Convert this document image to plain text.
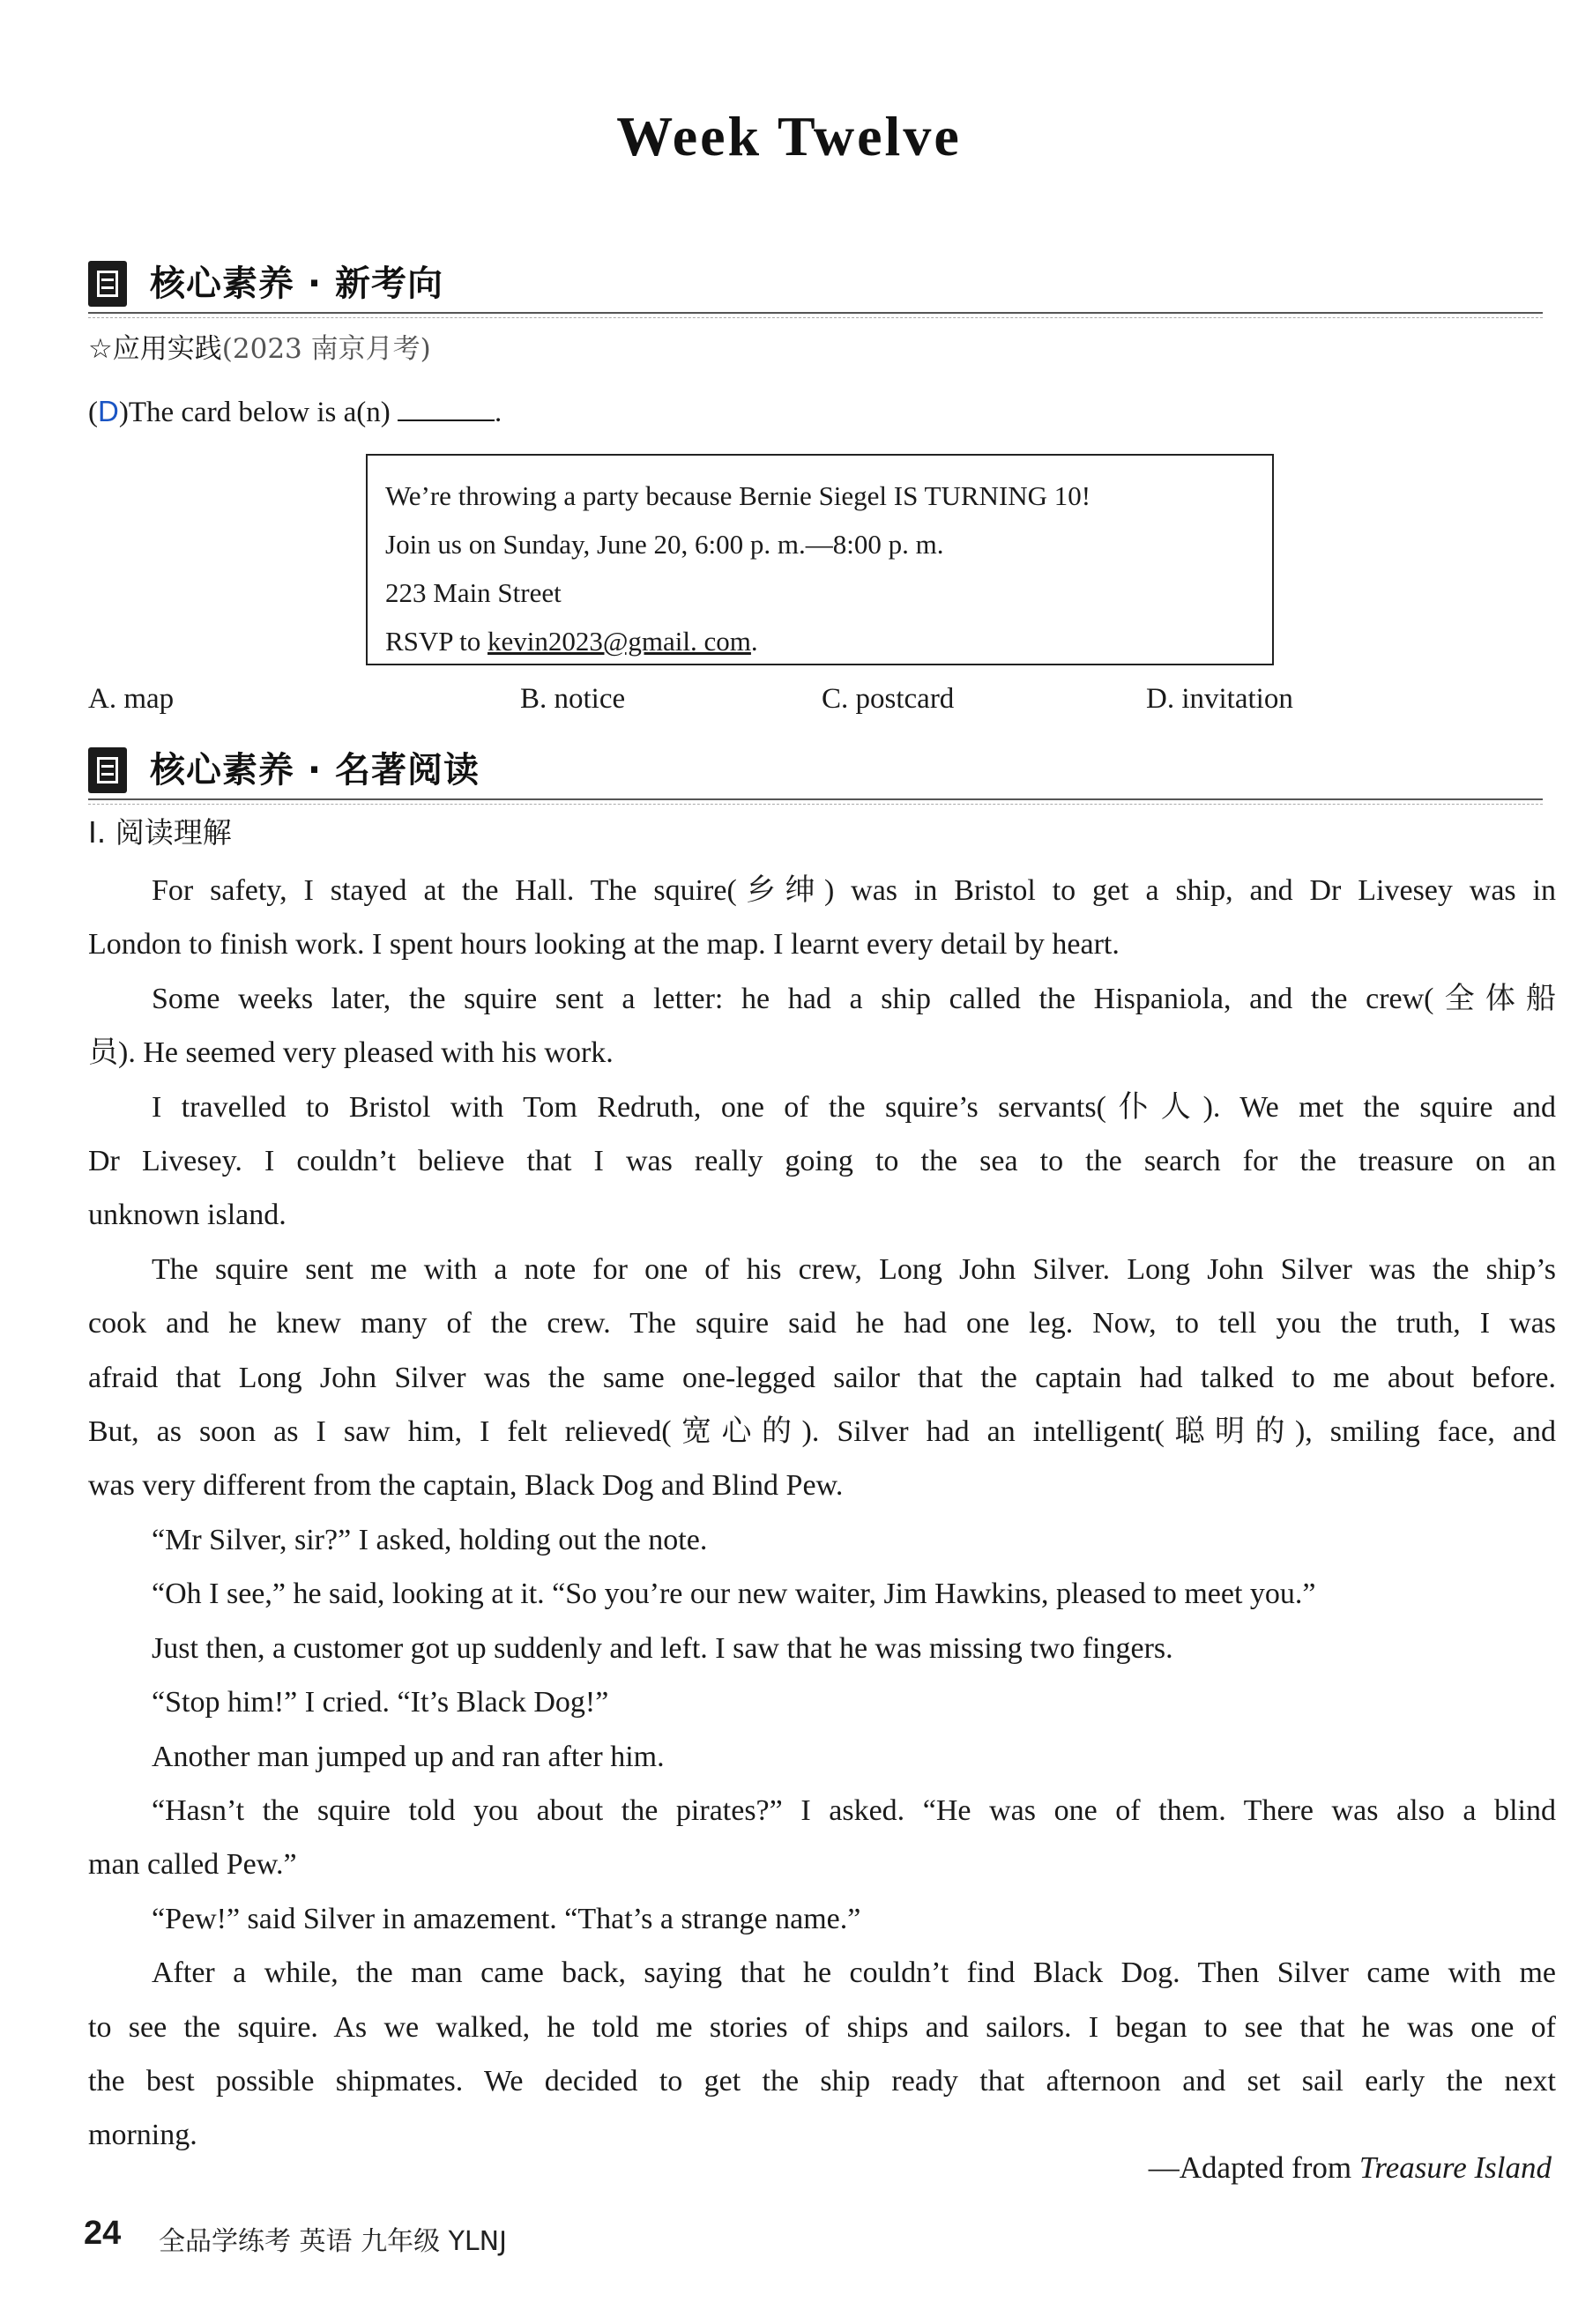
Week Twelve
核心素养 · 新考向
☆应用实践(2023 南京月考)
(D)The card below is a(n)	.
We’re throwing a party because Bernie Siegel IS TURNING 10!
Join us on Sunday, June 20, 6:00 p. m.—8:00 p. m.
223 Main Street
RSVP to kevin2023@gmail. com.
A. map	B. notice	C. postcard	D. invitation
核心素养 · 名著阅读
Ⅰ. 阅读理解
For safety, I stayed at the Hall. The squire(乡绅) was in Bristol to get a ship, and Dr Livesey was in
London to finish work. I spent hours looking at the map. I learnt every detail by heart.
Some weeks later, the squire sent a letter: he had a ship called the Hispaniola, and the crew(全体船
员). He seemed very pleased with his work.
I travelled to Bristol with Tom Redruth, one of the squire’s servants(仆人). We met the squire and
Dr Livesey. I couldn’t believe that I was really going to the sea to the search for the treasure on an
unknown island.
The squire sent me with a note for one of his crew, Long John Silver. Long John Silver was the ship’s
cook and he knew many of the crew. The squire said he had one leg. Now, to tell you the truth, I was
afraid that Long John Silver was the same one-legged sailor that the captain had talked to me about before.
But, as soon as I saw him, I felt relieved(宽心的). Silver had an intelligent(聪明的), smiling face, and
was very different from the captain, Black Dog and Blind Pew.
“Mr Silver, sir?” I asked, holding out the note.
“Oh I see,” he said, looking at it. “So you’re our new waiter, Jim Hawkins, pleased to meet you.”
Just then, a customer got up suddenly and left. I saw that he was missing two fingers.
“Stop him!” I cried. “It’s Black Dog!”
Another man jumped up and ran after him.
“Hasn’t the squire told you about the pirates?” I asked. “He was one of them. There was also a blind
man called Pew.”
“Pew!” said Silver in amazement. “That’s a strange name.”
After a while, the man came back, saying that he couldn’t find Black Dog. Then Silver came with me
to see the squire. As we walked, he told me stories of ships and sailors. I began to see that he was one of
the best possible shipmates. We decided to get the ship ready that afternoon and set sail early the next
morning.
—Adapted from Treasure Island
24 全品学练考 英语 九年级 YLNJ
